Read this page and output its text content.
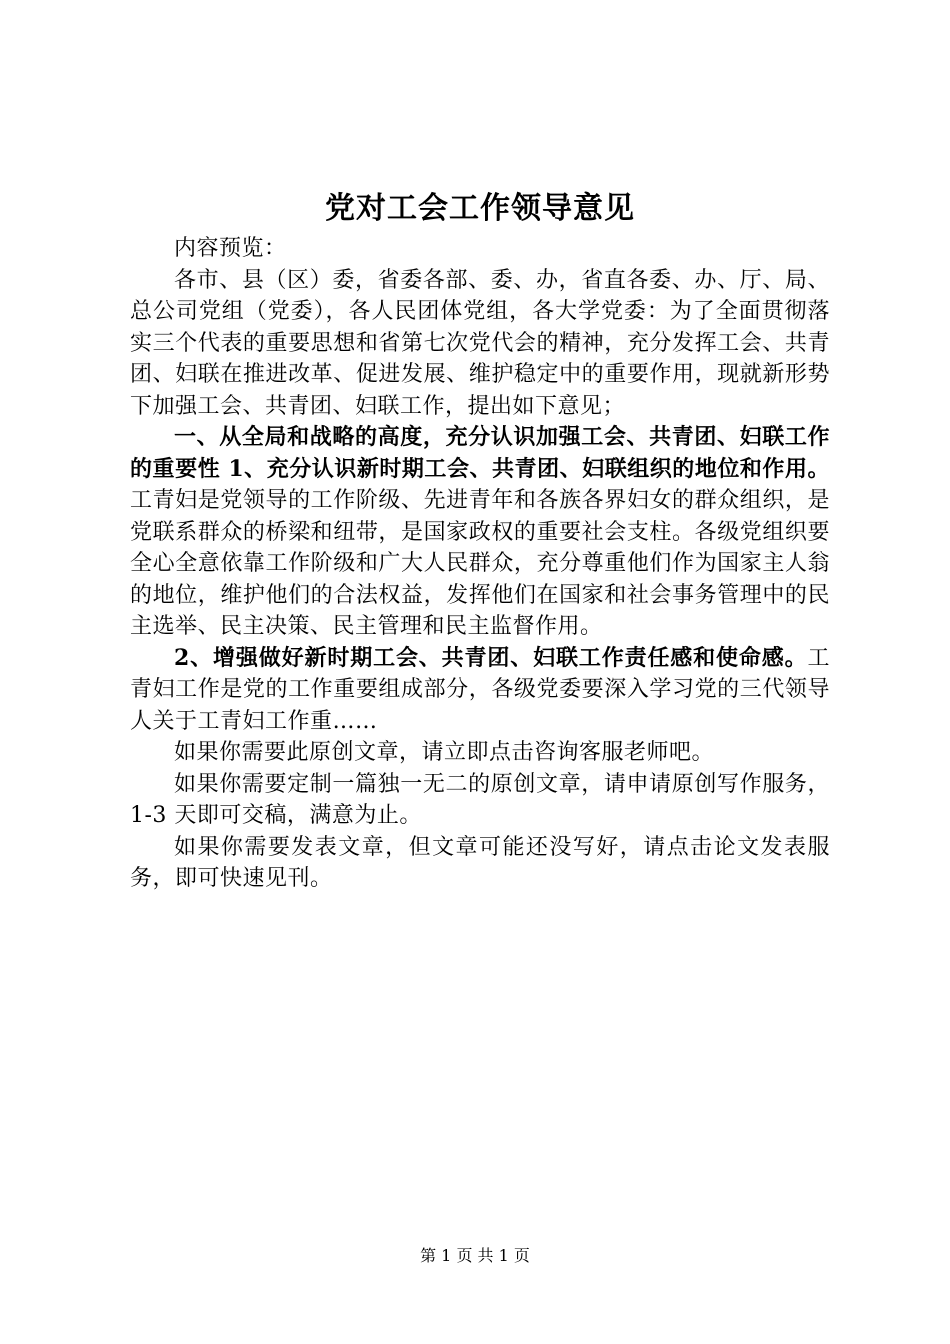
党对工会工作领导意见

内容预览：

各市、县（区）委，省委各部、委、办，省直各委、办、厅、局、总公司党组（党委），各人民团体党组，各大学党委：为了全面贯彻落实三个代表的重要思想和省第七次党代会的精神，充分发挥工会、共青团、妇联在推进改革、促进发展、维护稳定中的重要作用，现就新形势下加强工会、共青团、妇联工作，提出如下意见；

一、从全局和战略的高度，充分认识加强工会、共青团、妇联工作的重要性 1、充分认识新时期工会、共青团、妇联组织的地位和作用。工青妇是党领导的工作阶级、先进青年和各族各界妇女的群众组织，是党联系群众的桥梁和纽带，是国家政权的重要社会支柱。各级党组织要全心全意依靠工作阶级和广大人民群众，充分尊重他们作为国家主人翁的地位，维护他们的合法权益，发挥他们在国家和社会事务管理中的民主选举、民主决策、民主管理和民主监督作用。

2、增强做好新时期工会、共青团、妇联工作责任感和使命感。工青妇工作是党的工作重要组成部分，各级党委要深入学习党的三代领导人关于工青妇工作重……

如果你需要此原创文章，请立即点击咨询客服老师吧。

如果你需要定制一篇独一无二的原创文章，请申请原创写作服务，1-3 天即可交稿，满意为止。

如果你需要发表文章，但文章可能还没写好，请点击论文发表服务，即可快速见刊。

第 1 页 共 1 页
